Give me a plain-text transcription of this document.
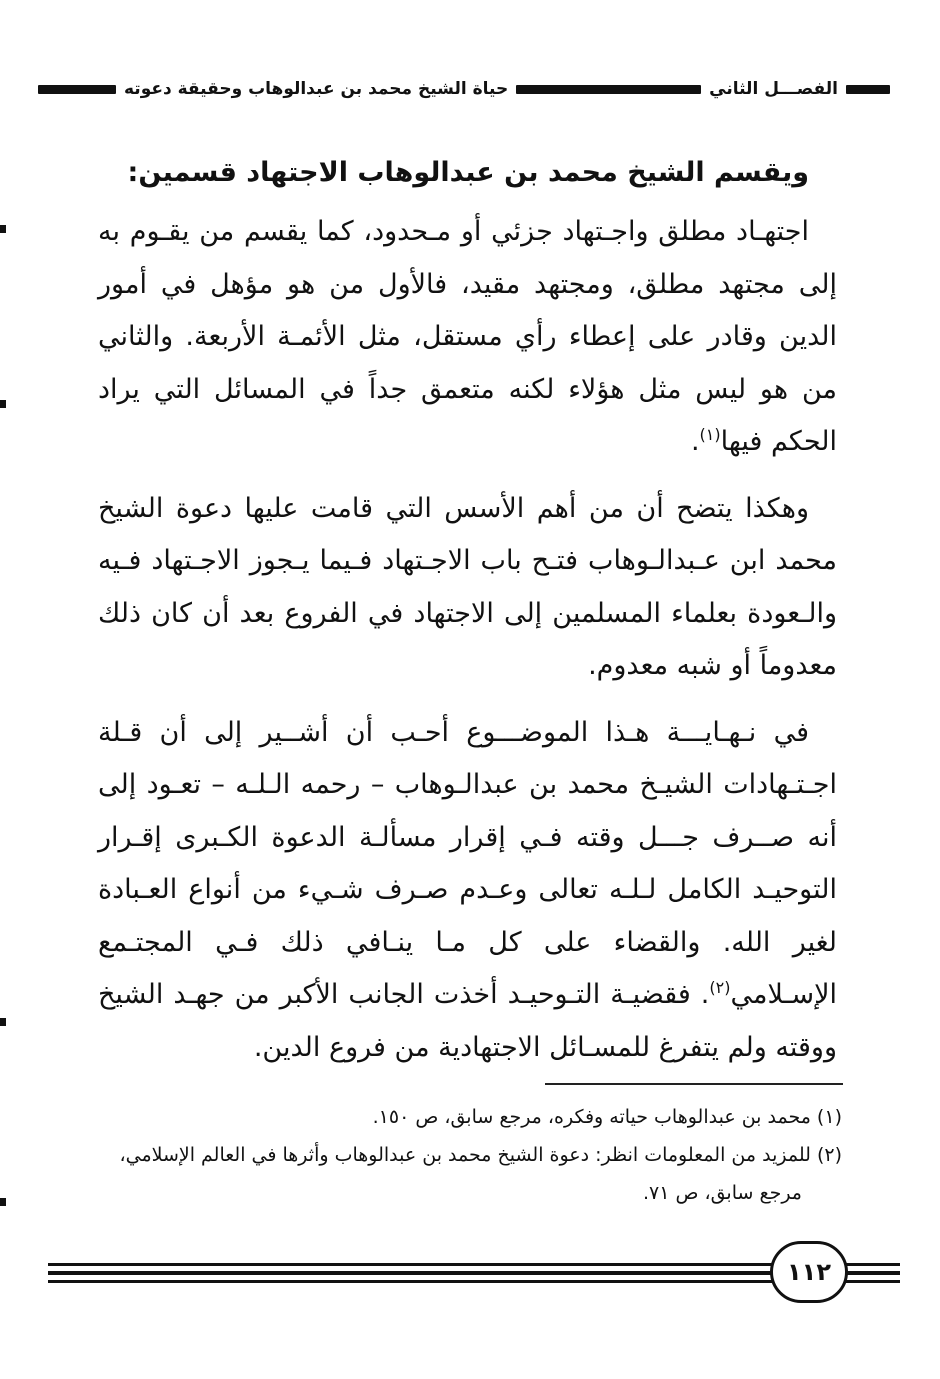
الفصـــل الثاني
حياة الشيخ محمد بن عبدالوهاب وحقيقة دعوته
ويقسم الشيخ محمد بن عبدالوهاب الاجتهاد قسمين:

اجتهـاد مطلق واجـتهاد جزئي أو مـحدود، كما يقسم من يقـوم به إلى مجتهد مطلق، ومجتهد مقيد، فالأول من هو مؤهل في أمور الدين وقادر على إعطاء رأي مستقل، مثل الأئمـة الأربعة. والثاني من هو ليس مثل هؤلاء لكنه متعمق جداً في المسائل التي يراد الحكم فيها$^{(١)}$.

وهكذا يتضح أن من أهم الأسس التي قامت عليها دعوة الشيخ محمد ابن عـبدالـوهاب فتـح باب الاجـتهاد فـيما يـجوز الاجـتهاد فـيه والـعودة بعلماء المسلمين إلى الاجتهاد في الفروع بعد أن كان ذلك معدوماً أو شبه معدوم.

في نـهـايـــة هـذا الموضـــوع أحـب أن أشــير إلى أن قـلة اجـتـهادات الشيـخ محمد بن عبدالـوهاب – رحمه الـلـه – تعـود إلى أنه صــرف جـــل وقته فـي إقرار مسألـة الدعوة الكـبرى إقـرار التوحيـد الكامل لـلـه تعالى وعـدم صـرف شـيء من أنواع العـبادة لغير الله. والقضاء على كل مـا ينـافي ذلك فـي المجتـمع الإسـلامي$^{(٢)}$. فقضيـة التـوحيـد أخذت الجانب الأكبر من جهـد الشيخ ووقته ولم يتفرغ للمسـائل الاجتهادية من فروع الدين.

(١) محمد بن عبدالوهاب حياته وفكره، مرجع سابق، ص ١٥٠.

(٢) للمزيد من المعلومات انظر: دعوة الشيخ محمد بن عبدالوهاب وأثرها في العالم الإسلامي،

مرجع سابق، ص ٧١.

١١٢
